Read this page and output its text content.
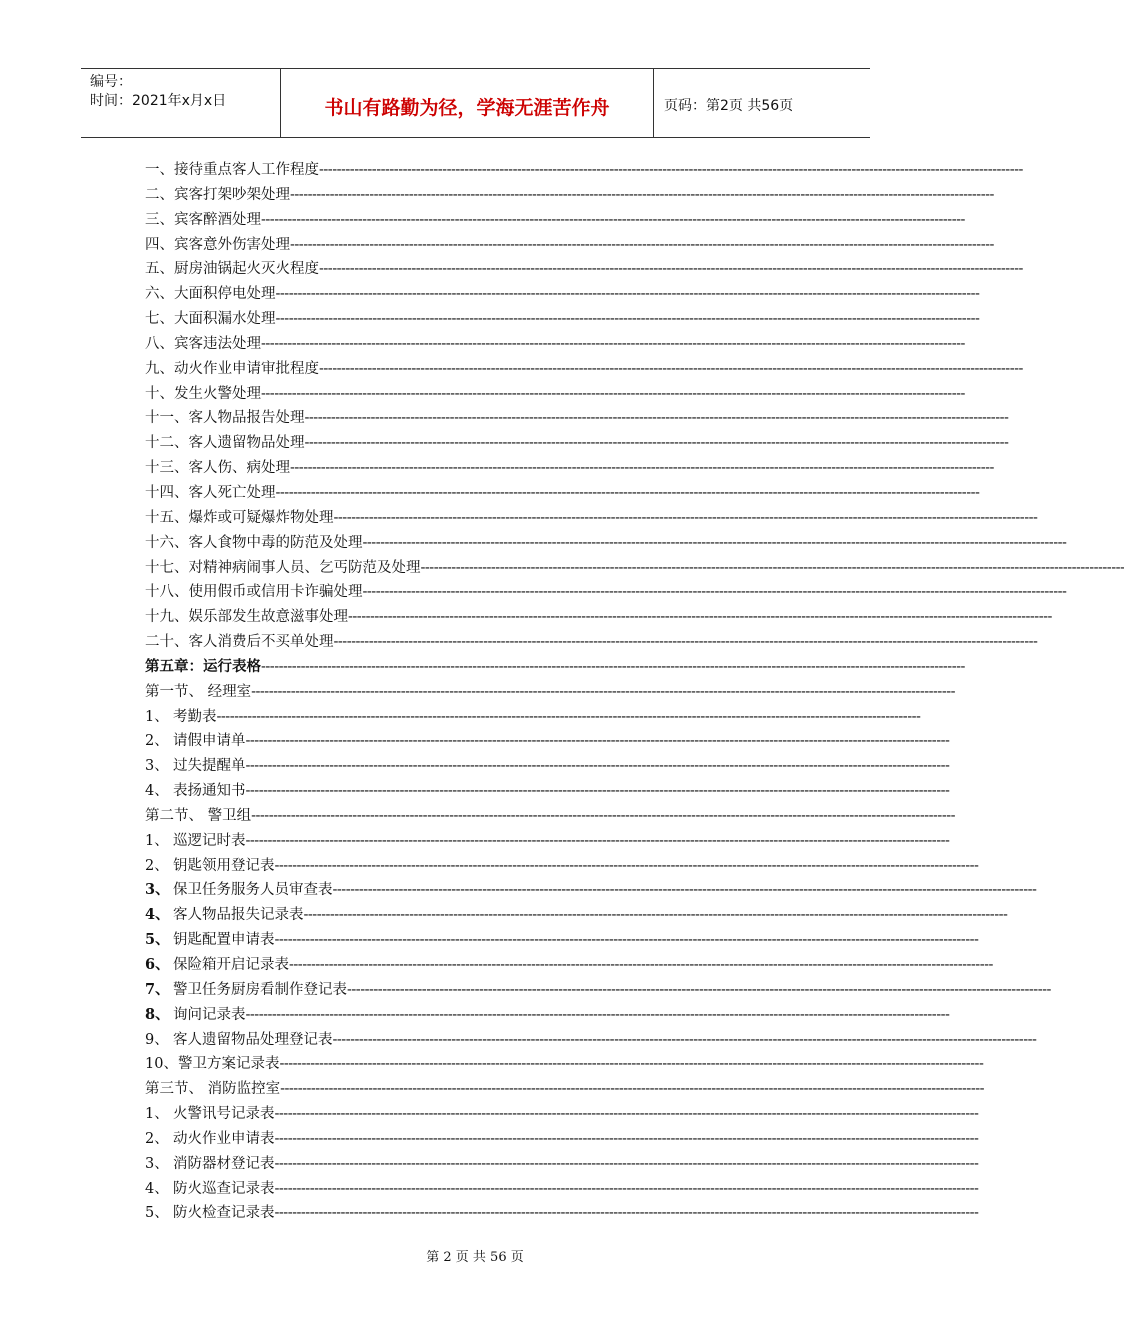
编号：
时间：2021年x月x日	书山有路勤为径，学海无涯苦作舟	页码：第2页 共56页
一、接待重点客人工作程度 ----------------------------------------------------------------------------------------------------------------------------------------------------------------
二、宾客打架吵架处理 ----------------------------------------------------------------------------------------------------------------------------------------------------------------
三、宾客醉酒处理 ----------------------------------------------------------------------------------------------------------------------------------------------------------------
四、宾客意外伤害处理 ----------------------------------------------------------------------------------------------------------------------------------------------------------------
五、厨房油锅起火灭火程度 ----------------------------------------------------------------------------------------------------------------------------------------------------------------
六、大面积停电处理 ----------------------------------------------------------------------------------------------------------------------------------------------------------------
七、大面积漏水处理 ----------------------------------------------------------------------------------------------------------------------------------------------------------------
八、宾客违法处理 ----------------------------------------------------------------------------------------------------------------------------------------------------------------
九、动火作业申请审批程度 ----------------------------------------------------------------------------------------------------------------------------------------------------------------
十、发生火警处理 ----------------------------------------------------------------------------------------------------------------------------------------------------------------
十一、客人物品报告处理 ----------------------------------------------------------------------------------------------------------------------------------------------------------------
十二、客人遗留物品处理 ----------------------------------------------------------------------------------------------------------------------------------------------------------------
十三、客人伤、病处理 ----------------------------------------------------------------------------------------------------------------------------------------------------------------
十四、客人死亡处理 ----------------------------------------------------------------------------------------------------------------------------------------------------------------
十五、爆炸或可疑爆炸物处理 ----------------------------------------------------------------------------------------------------------------------------------------------------------------
十六、客人食物中毒的防范及处理 ----------------------------------------------------------------------------------------------------------------------------------------------------------------
十七、对精神病闹事人员、乞丐防范及处理 ----------------------------------------------------------------------------------------------------------------------------------------------------------------
十八、使用假币或信用卡诈骗处理 ----------------------------------------------------------------------------------------------------------------------------------------------------------------
十九、娱乐部发生故意滋事处理 ----------------------------------------------------------------------------------------------------------------------------------------------------------------
二十、客人消费后不买单处理 ----------------------------------------------------------------------------------------------------------------------------------------------------------------
第五章：运行表格 ----------------------------------------------------------------------------------------------------------------------------------------------------------------
第一节、 经理室 ----------------------------------------------------------------------------------------------------------------------------------------------------------------
1、 考勤表 ----------------------------------------------------------------------------------------------------------------------------------------------------------------
2、 请假申请单 ----------------------------------------------------------------------------------------------------------------------------------------------------------------
3、 过失提醒单 ----------------------------------------------------------------------------------------------------------------------------------------------------------------
4、 表扬通知书 ----------------------------------------------------------------------------------------------------------------------------------------------------------------
第二节、 警卫组 ----------------------------------------------------------------------------------------------------------------------------------------------------------------
1、 巡逻记时表 ----------------------------------------------------------------------------------------------------------------------------------------------------------------
2、 钥匙领用登记表 ----------------------------------------------------------------------------------------------------------------------------------------------------------------
3、 保卫任务服务人员审查表 ----------------------------------------------------------------------------------------------------------------------------------------------------------------
4、 客人物品报失记录表 ----------------------------------------------------------------------------------------------------------------------------------------------------------------
5、 钥匙配置申请表 ----------------------------------------------------------------------------------------------------------------------------------------------------------------
6、 保险箱开启记录表 ----------------------------------------------------------------------------------------------------------------------------------------------------------------
7、 警卫任务厨房看制作登记表 ----------------------------------------------------------------------------------------------------------------------------------------------------------------
8、 询问记录表 ----------------------------------------------------------------------------------------------------------------------------------------------------------------
9、 客人遗留物品处理登记表 ----------------------------------------------------------------------------------------------------------------------------------------------------------------
10、警卫方案记录表 ----------------------------------------------------------------------------------------------------------------------------------------------------------------
第三节、 消防监控室 ----------------------------------------------------------------------------------------------------------------------------------------------------------------
1、 火警讯号记录表 ----------------------------------------------------------------------------------------------------------------------------------------------------------------
2、 动火作业申请表 ----------------------------------------------------------------------------------------------------------------------------------------------------------------
3、 消防器材登记表 ----------------------------------------------------------------------------------------------------------------------------------------------------------------
4、 防火巡查记录表 ----------------------------------------------------------------------------------------------------------------------------------------------------------------
5、 防火检查记录表 ----------------------------------------------------------------------------------------------------------------------------------------------------------------
第 2 页 共 56 页
